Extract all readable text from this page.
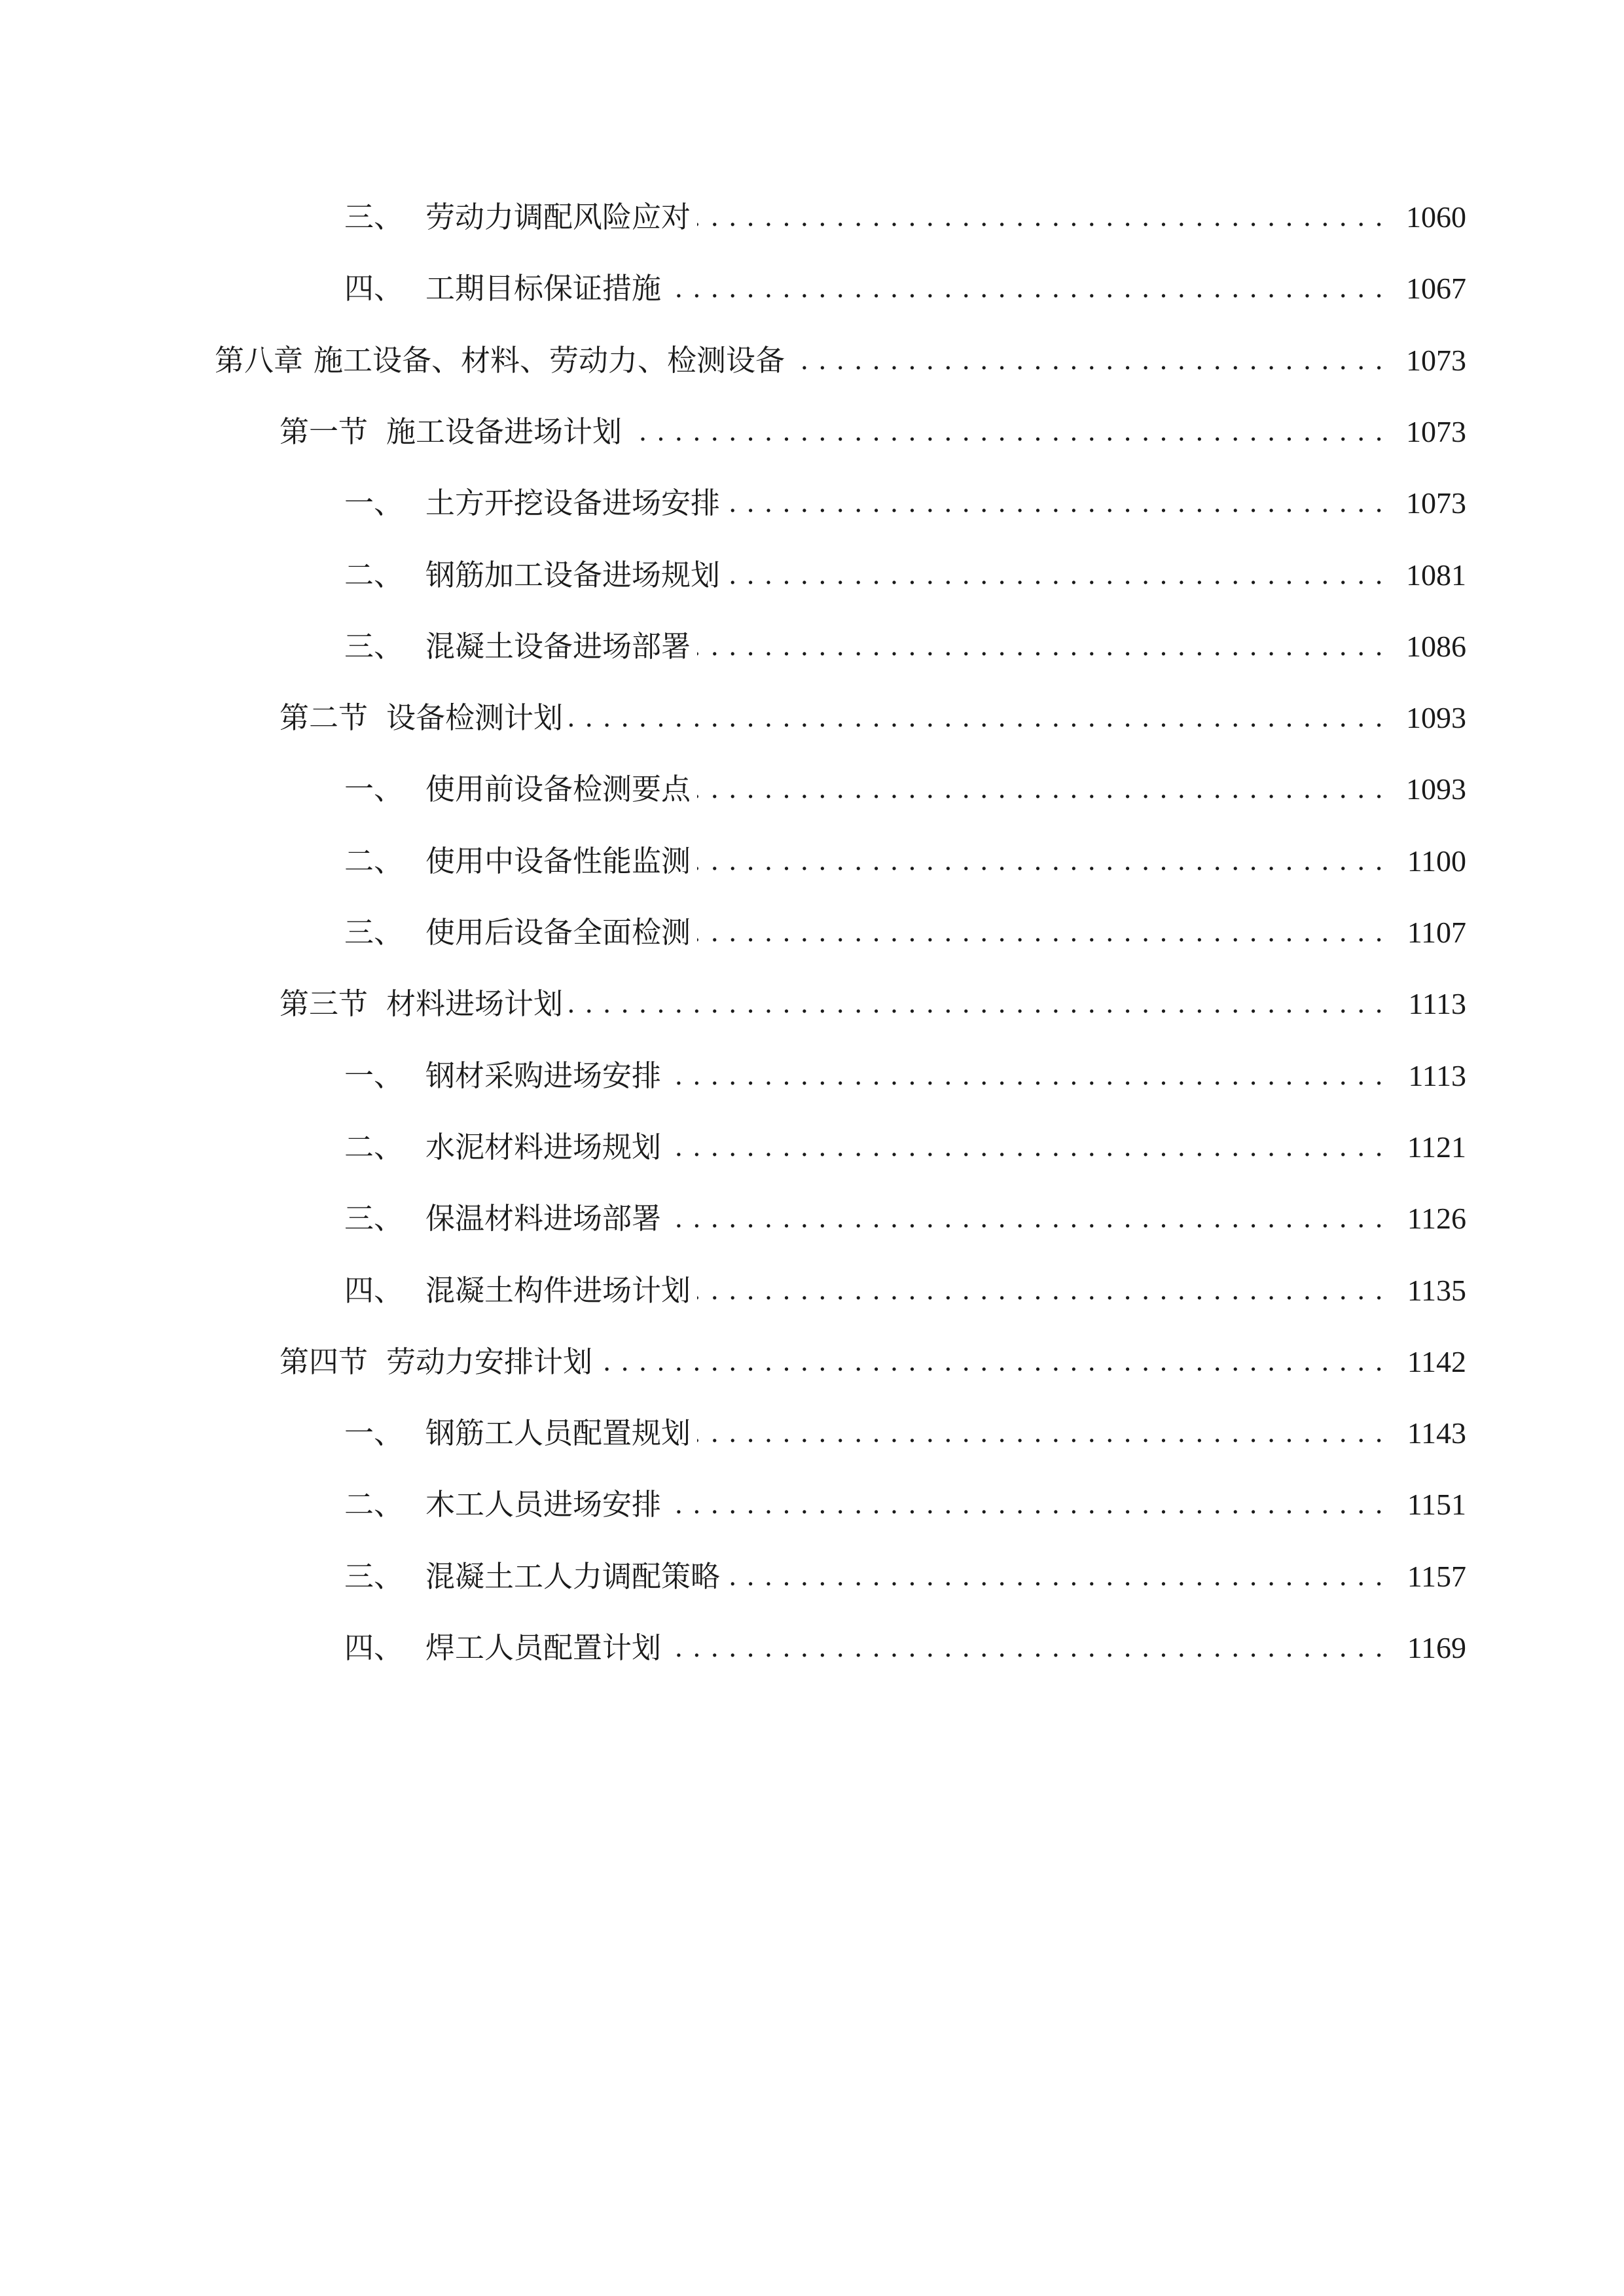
三、 劳动力调配风险应对 . . .	1060
四、 工期目标保证措施 . . .	1067
第八章 施工设备、材料、劳动力、检测设备 . . .	1073
第一节 施工设备进场计划 . . .	1073
一、 土方开挖设备进场安排 . . .	1073
二、 钢筋加工设备进场规划 . . .	1081
三、 混凝土设备进场部署 . . .	1086
第二节 设备检测计划 . . .	1093
一、 使用前设备检测要点 . . .	1093
二、 使用中设备性能监测 . . .	1100
三、 使用后设备全面检测 . . .	1107
第三节 材料进场计划 . . .	1113
一、 钢材采购进场安排 . . .	1113
二、 水泥材料进场规划 . . .	1121
三、 保温材料进场部署 . . .	1126
四、 混凝土构件进场计划 . . .	1135
第四节 劳动力安排计划 . . .	1142
一、 钢筋工人员配置规划 . . .	1143
二、 木工人员进场安排 . . .	1151
三、 混凝土工人力调配策略 . . .	1157
四、 焊工人员配置计划 . . .	1169
